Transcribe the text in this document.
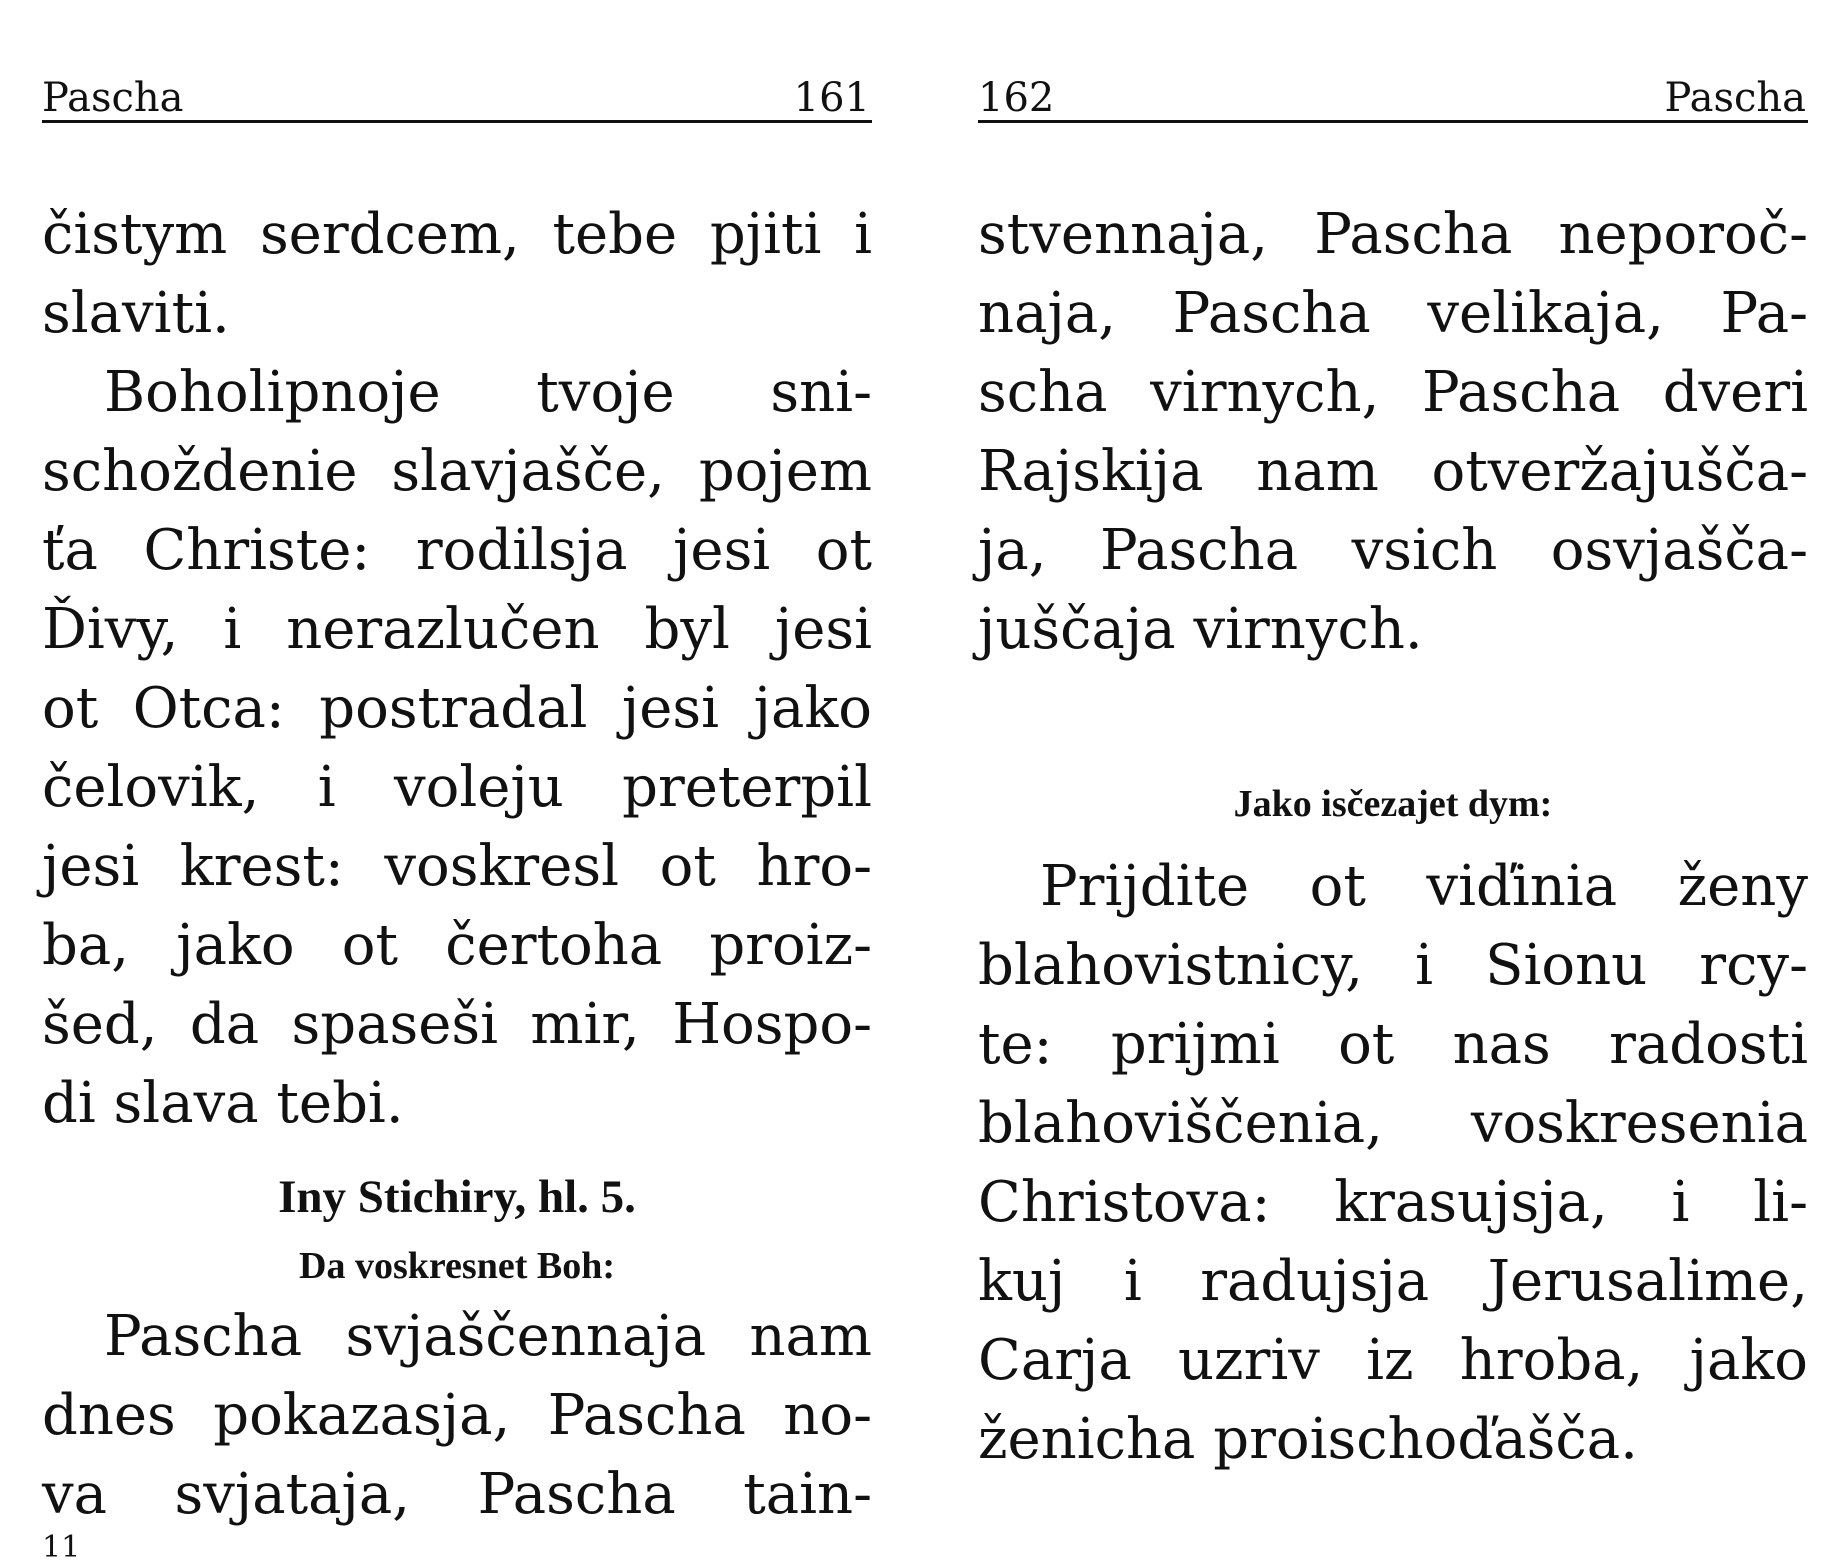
Pascha	161
čistym serdcem, tebe pjiti i
slaviti.
Boholipnoje tvoje sni-
schoždenie slavjašče, pojem
ťa Christe: rodilsja jesi ot
Ďivy, i nerazlučen byl jesi
ot Otca: postradal jesi jako
čelovik, i voleju preterpil
jesi krest: voskresl ot hro-
ba, jako ot čertoha proiz-
šed, da spaseši mir, Hospo-
di slava tebi.
Iny Stichiry, hl. 5.
Da voskresnet Boh:
Pascha svjaščennaja nam
dnes pokazasja, Pascha no-
va svjataja, Pascha tain-
11
162	Pascha
stvennaja, Pascha neporoč-
naja, Pascha velikaja, Pa-
scha virnych, Pascha dveri
Rajskija nam otveržajušča-
ja, Pascha vsich osvjašča-
juščaja virnych.
Jako isčezajet dym:
Prijdite ot viďinia ženy
blahovistnicy, i Sionu rcy-
te: prijmi ot nas radosti
blahoviščenia, voskresenia
Christova: krasujsja, i li-
kuj i radujsja Jerusalime,
Carja uzriv iz hroba, jako
ženicha proischoďašča.
